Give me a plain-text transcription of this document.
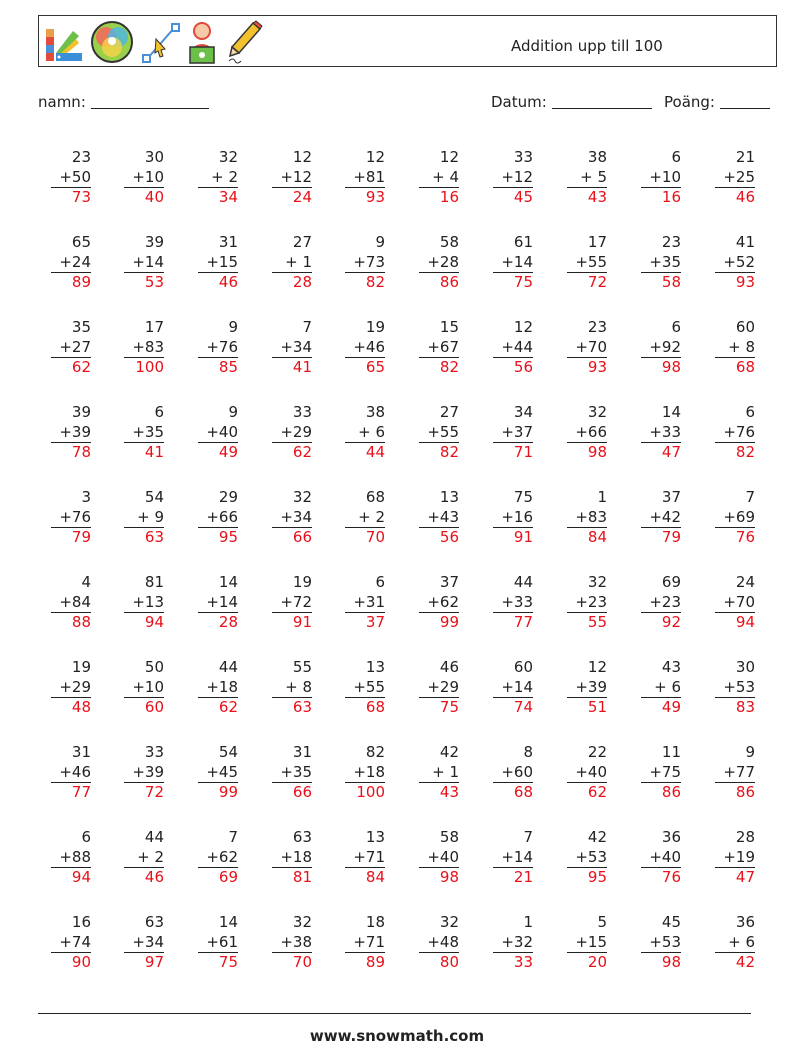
Addition upp till 100
namn:	Datum:	Poäng:
23
+50
73
30
+10
40
32
+ 2
34
12
+12
24
12
+81
93
12
+ 4
16
33
+12
45
38
+ 5
43
6
+10
16
21
+25
46
65
+24
89
39
+14
53
31
+15
46
27
+ 1
28
9
+73
82
58
+28
86
61
+14
75
17
+55
72
23
+35
58
41
+52
93
35
+27
62
17
+83
100
9
+76
85
7
+34
41
19
+46
65
15
+67
82
12
+44
56
23
+70
93
6
+92
98
60
+ 8
68
39
+39
78
6
+35
41
9
+40
49
33
+29
62
38
+ 6
44
27
+55
82
34
+37
71
32
+66
98
14
+33
47
6
+76
82
3
+76
79
54
+ 9
63
29
+66
95
32
+34
66
68
+ 2
70
13
+43
56
75
+16
91
1
+83
84
37
+42
79
7
+69
76
4
+84
88
81
+13
94
14
+14
28
19
+72
91
6
+31
37
37
+62
99
44
+33
77
32
+23
55
69
+23
92
24
+70
94
19
+29
48
50
+10
60
44
+18
62
55
+ 8
63
13
+55
68
46
+29
75
60
+14
74
12
+39
51
43
+ 6
49
30
+53
83
31
+46
77
33
+39
72
54
+45
99
31
+35
66
82
+18
100
42
+ 1
43
8
+60
68
22
+40
62
11
+75
86
9
+77
86
6
+88
94
44
+ 2
46
7
+62
69
63
+18
81
13
+71
84
58
+40
98
7
+14
21
42
+53
95
36
+40
76
28
+19
47
16
+74
90
63
+34
97
14
+61
75
32
+38
70
18
+71
89
32
+48
80
1
+32
33
5
+15
20
45
+53
98
36
+ 6
42
www.snowmath.com
